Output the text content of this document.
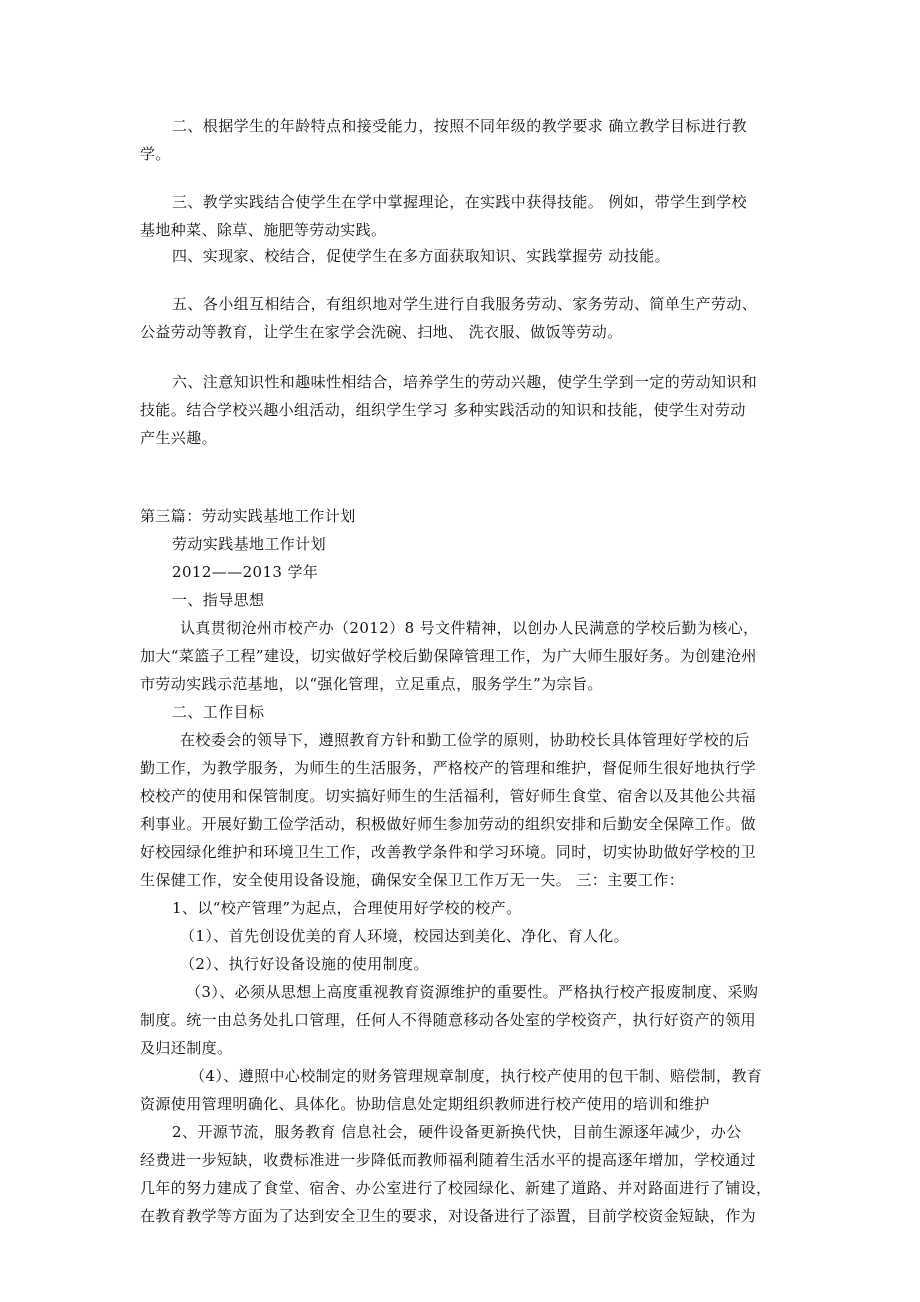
二、根据学生的年龄特点和接受能力，按照不同年级的教学要求 确立教学目标进行教
学。
三、教学实践结合使学生在学中掌握理论，在实践中获得技能。 例如，带学生到学校
基地种菜、除草、施肥等劳动实践。
四、实现家、校结合，促使学生在多方面获取知识、实践掌握劳 动技能。
五、各小组互相结合，有组织地对学生进行自我服务劳动、家务劳动、简单生产劳动、
公益劳动等教育，让学生在家学会洗碗、扫地、 洗衣服、做饭等劳动。
六、注意知识性和趣味性相结合，培养学生的劳动兴趣，使学生学到一定的劳动知识和
技能。结合学校兴趣小组活动，组织学生学习 多种实践活动的知识和技能，使学生对劳动
产生兴趣。
第三篇：劳动实践基地工作计划
劳动实践基地工作计划
2012——2013 学年
一、指导思想
认真贯彻沧州市校产办（2012）8 号文件精神，以创办人民满意的学校后勤为核心，
加大“菜篮子工程”建设，切实做好学校后勤保障管理工作，为广大师生服好务。为创建沧州
市劳动实践示范基地，以“强化管理，立足重点，服务学生”为宗旨。
二、工作目标
在校委会的领导下，遵照教育方针和勤工俭学的原则，协助校长具体管理好学校的后
勤工作，为教学服务，为师生的生活服务，严格校产的管理和维护，督促师生很好地执行学
校校产的使用和保管制度。切实搞好师生的生活福利，管好师生食堂、宿舍以及其他公共福
利事业。开展好勤工俭学活动，积极做好师生参加劳动的组织安排和后勤安全保障工作。做
好校园绿化维护和环境卫生工作，改善教学条件和学习环境。同时，切实协助做好学校的卫
生保健工作，安全使用设备设施，确保安全保卫工作万无一失。 三：主要工作：
1、以“校产管理”为起点，合理使用好学校的校产。
（1）、首先创设优美的育人环境，校园达到美化、净化、育人化。
（2）、执行好设备设施的使用制度。
（3）、必须从思想上高度重视教育资源维护的重要性。严格执行校产报废制度、采购
制度。统一由总务处扎口管理，任何人不得随意移动各处室的学校资产，执行好资产的领用
及归还制度。
（4）、遵照中心校制定的财务管理规章制度，执行校产使用的包干制、赔偿制，教育
资源使用管理明确化、具体化。协助信息处定期组织教师进行校产使用的培训和维护
2、开源节流，服务教育 信息社会，硬件设备更新换代快，目前生源逐年减少，办公
经费进一步短缺，收费标准进一步降低而教师福利随着生活水平的提高逐年增加，学校通过
几年的努力建成了食堂、宿舍、办公室进行了校园绿化、新建了道路、并对路面进行了铺设，
在教育教学等方面为了达到安全卫生的要求，对设备进行了添置，目前学校资金短缺，作为
